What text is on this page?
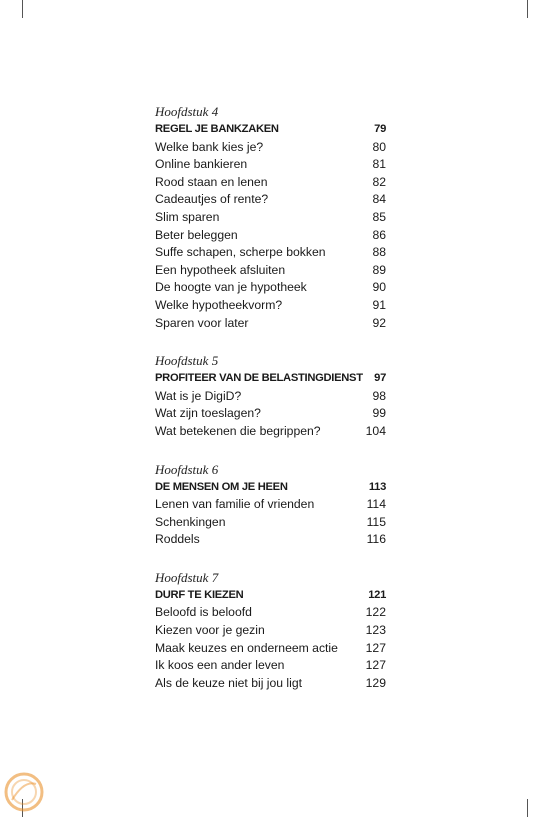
Hoofdstuk 4
REGEL JE BANKZAKEN	79
Welke bank kies je?	80
Online bankieren	81
Rood staan en lenen	82
Cadeautjes of rente?	84
Slim sparen	85
Beter beleggen	86
Suffe schapen, scherpe bokken	88
Een hypotheek afsluiten	89
De hoogte van je hypotheek	90
Welke hypotheekvorm?	91
Sparen voor later	92
Hoofdstuk 5
PROFITEER VAN DE BELASTINGDIENST 97
Wat is je DigiD?	98
Wat zijn toeslagen?	99
Wat betekenen die begrippen?	104
Hoofdstuk 6
DE MENSEN OM JE HEEN	113
Lenen van familie of vrienden	114
Schenkingen	115
Roddels	116
Hoofdstuk 7
DURF TE KIEZEN	121
Beloofd is beloofd	122
Kiezen voor je gezin	123
Maak keuzes en onderneem actie 127
Ik koos een ander leven	127
Als de keuze niet bij jou ligt	129
